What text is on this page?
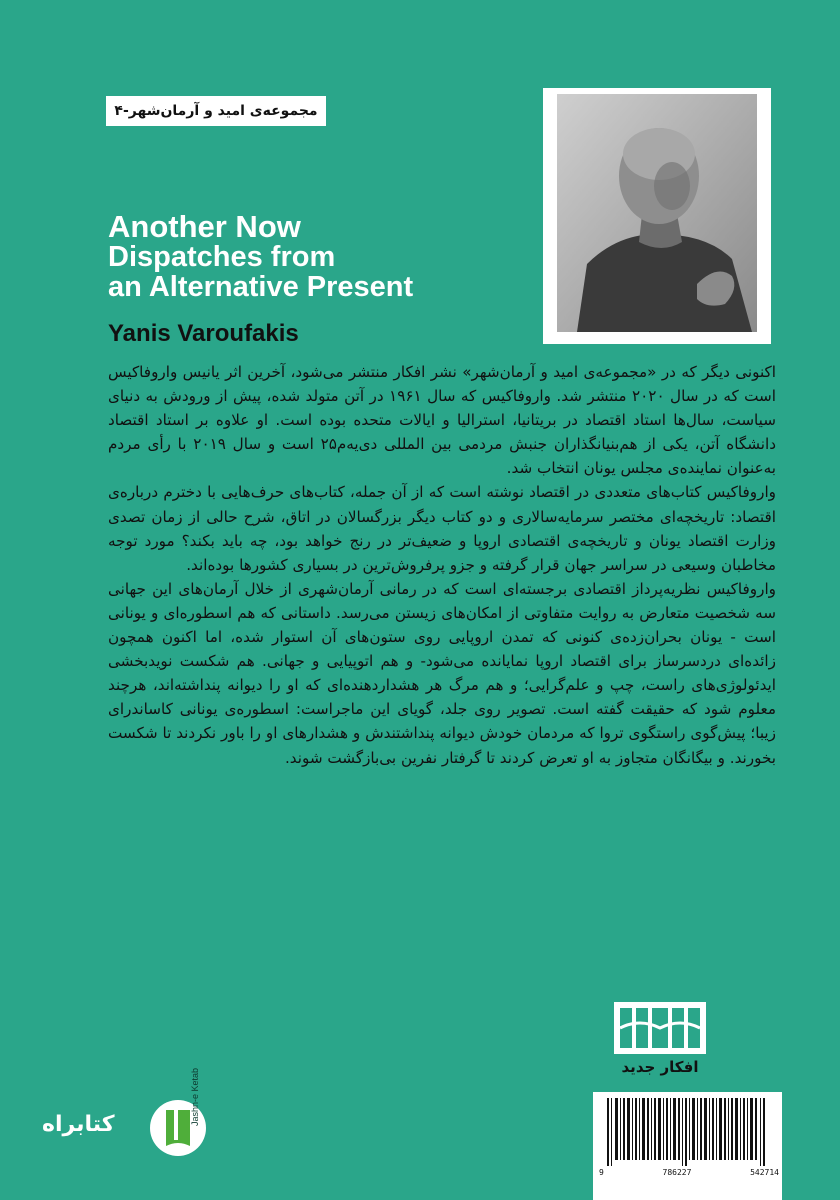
مجموعه‌ی امید و آرمان‌شهر-۴
Another Now
Dispatches from
an Alternative Present
Yanis Varoufakis

اکنونی دیگر که در «مجموعه‌ی امید و آرمان‌شهر» نشر افکار منتشر می‌شود، آخرین اثر یانیس واروفاکیس است که در سال ۲۰۲۰ منتشر شد. واروفاکیس که سال ۱۹۶۱ در آتن متولد شده، پیش از ورودش به دنیای سیاست، سال‌ها استاد اقتصاد در بریتانیا، استرالیا و ایالات متحده بوده است. او علاوه بر استاد اقتصاد دانشگاه آتن، یکی از هم‌بنیانگذاران جنبش مردمی بین المللی دی‌یه‌م۲۵ است و سال ۲۰۱۹ با رأی مردم به‌عنوان نماینده‌ی مجلس یونان انتخاب شد.

واروفاکیس کتاب‌های متعددی در اقتصاد نوشته است که از آن جمله، کتاب‌های حرف‌هایی با دخترم درباره‌ی اقتصاد: تاریخچه‌ای مختصر سرمایه‌سالاری و دو کتاب دیگر بزرگسالان در اتاق، شرح حالی از زمان تصدی وزارت اقتصاد یونان و تاریخچه‌ی اقتصادی اروپا و ضعیف‌تر در رنج خواهد بود، چه باید بکند؟ مورد توجه مخاطبان وسیعی در سراسر جهان قرار گرفته و جزو پرفروش‌ترین در بسیاری کشورها بوده‌اند.

واروفاکیس نظریه‌پرداز اقتصادی برجسته‌ای است که در رمانی آرمان‌شهری از خلال آرمان‌های این جهانی سه شخصیت متعارض به روایت متفاوتی از امکان‌های زیستن می‌رسد. داستانی که هم اسطوره‌ای و یونانی است - یونان بحران‌زده‌ی کنونی که تمدن اروپایی روی ستون‌های آن استوار شده، اما اکنون همچون زائده‌ای دردسرساز برای اقتصاد اروپا نمایانده می‌شود- و هم اتوپیایی و جهانی. هم شکست نویدبخشی ایدئولوژی‌های راست، چپ و علم‌گرایی؛ و هم مرگ هر هشداردهنده‌ای که او را دیوانه پنداشته‌اند، هرچند معلوم شود که حقیقت گفته است. تصویر روی جلد، گویای این ماجراست: اسطوره‌ی یونانی کاساندرای زیبا؛ پیش‌گوی راستگوی تروا که مردمان خودش دیوانه پنداشتندش و هشدارهای او را باور نکردند تا شکست بخورند. و بیگانگان متجاوز به او تعرض کردند تا گرفتار نفرین بی‌بازگشت شوند.

افکار جدید
9	786227	542714
کتابراه	Jashn-e Ketab
